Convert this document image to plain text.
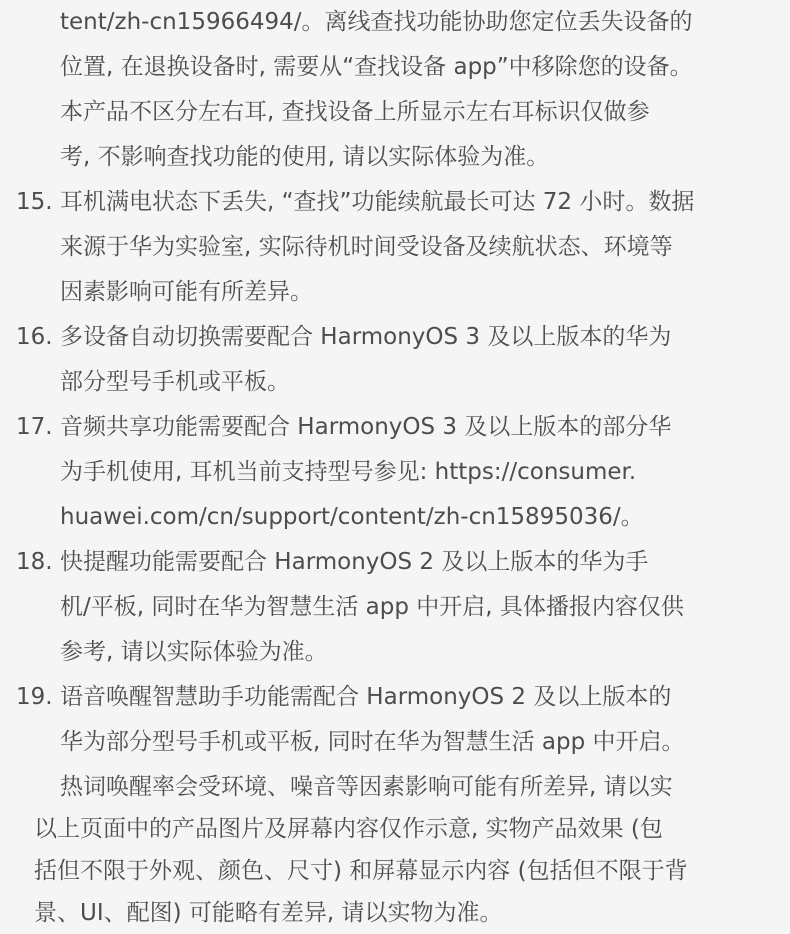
tent/zh-cn15966494/。离线查找功能协助您定位丢失设备的
位置, 在退换设备时, 需要从“查找设备 app”中移除您的设备。
本产品不区分左右耳, 查找设备上所显示左右耳标识仅做参
考, 不影响查找功能的使用, 请以实际体验为准。
15. 耳机满电状态下丢失, “查找”功能续航最长可达 72 小时。数据
来源于华为实验室, 实际待机时间受设备及续航状态、环境等
因素影响可能有所差异。
16. 多设备自动切换需要配合 HarmonyOS 3 及以上版本的华为
部分型号手机或平板。
17. 音频共享功能需要配合 HarmonyOS 3 及以上版本的部分华
为手机使用, 耳机当前支持型号参见: https://consumer.
huawei.com/cn/support/content/zh-cn15895036/。
18. 快提醒功能需要配合 HarmonyOS 2 及以上版本的华为手
机/平板, 同时在华为智慧生活 app 中开启, 具体播报内容仅供
参考, 请以实际体验为准。
19. 语音唤醒智慧助手功能需配合 HarmonyOS 2 及以上版本的
华为部分型号手机或平板, 同时在华为智慧生活 app 中开启。
热词唤醒率会受环境、噪音等因素影响可能有所差异, 请以实
以上页面中的产品图片及屏幕内容仅作示意, 实物产品效果 (包
括但不限于外观、颜色、尺寸) 和屏幕显示内容 (包括但不限于背
景、UI、配图) 可能略有差异, 请以实物为准。
